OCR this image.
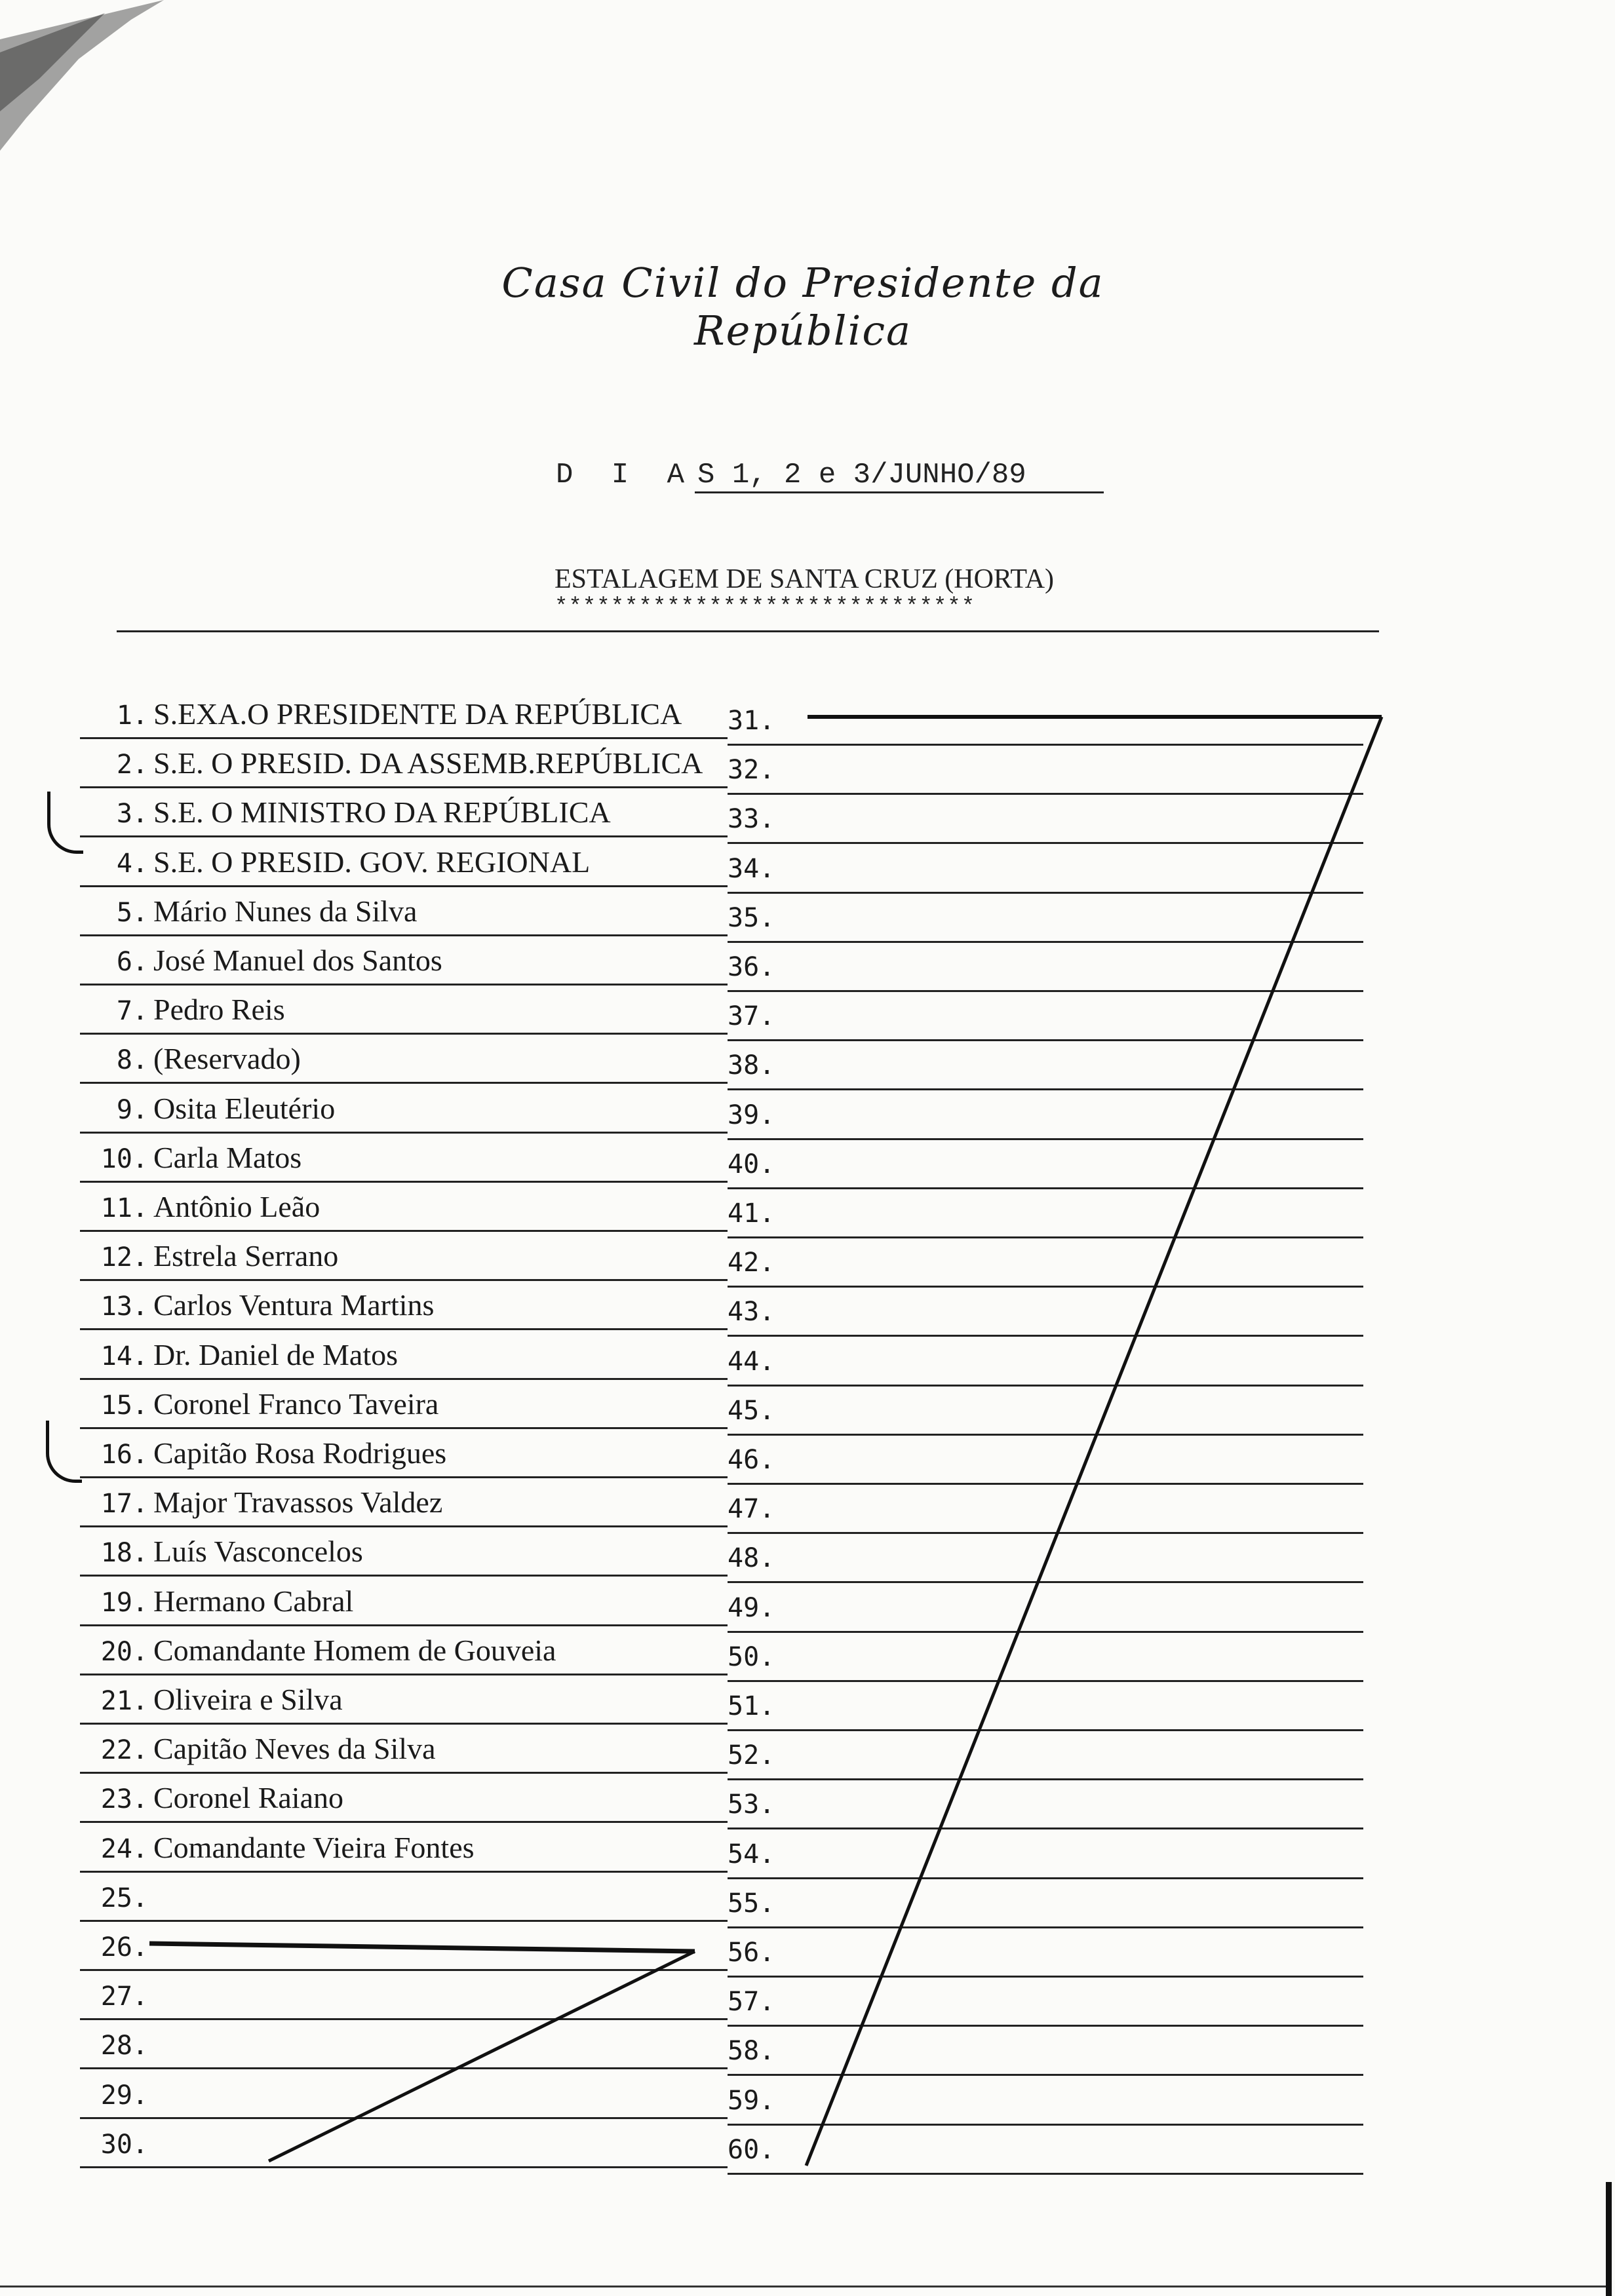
Casa Civil do Presidente da República
D I AS 1, 2 e 3/JUNHO/89
ESTALAGEM DE SANTA CRUZ (HORTA)
******************************
1. S.EXA.O PRESIDENTE DA REPÚBLICA
2. S.E. O PRESID. DA ASSEMB.REPÚBLICA
3. S.E. O MINISTRO DA REPÚBLICA
4. S.E. O PRESID. GOV. REGIONAL
5. Mário Nunes da Silva
6. José Manuel dos Santos
7. Pedro Reis
8. (Reservado)
9. Osita Eleutério
10. Carla Matos
11. Antônio Leão
12. Estrela Serrano
13. Carlos Ventura Martins
14. Dr. Daniel de Matos
15. Coronel Franco Taveira
16. Capitão Rosa Rodrigues
17. Major Travassos Valdez
18. Luís Vasconcelos
19. Hermano Cabral
20. Comandante Homem de Gouveia
21. Oliveira e Silva
22. Capitão Neves da Silva
23. Coronel Raiano
24. Comandante Vieira Fontes
25.
26.
27.
28.
29.
30.
31.
32.
33.
34.
35.
36.
37.
38.
39.
40.
41.
42.
43.
44.
45.
46.
47.
48.
49.
50.
51.
52.
53.
54.
55.
56.
57.
58.
59.
60.
